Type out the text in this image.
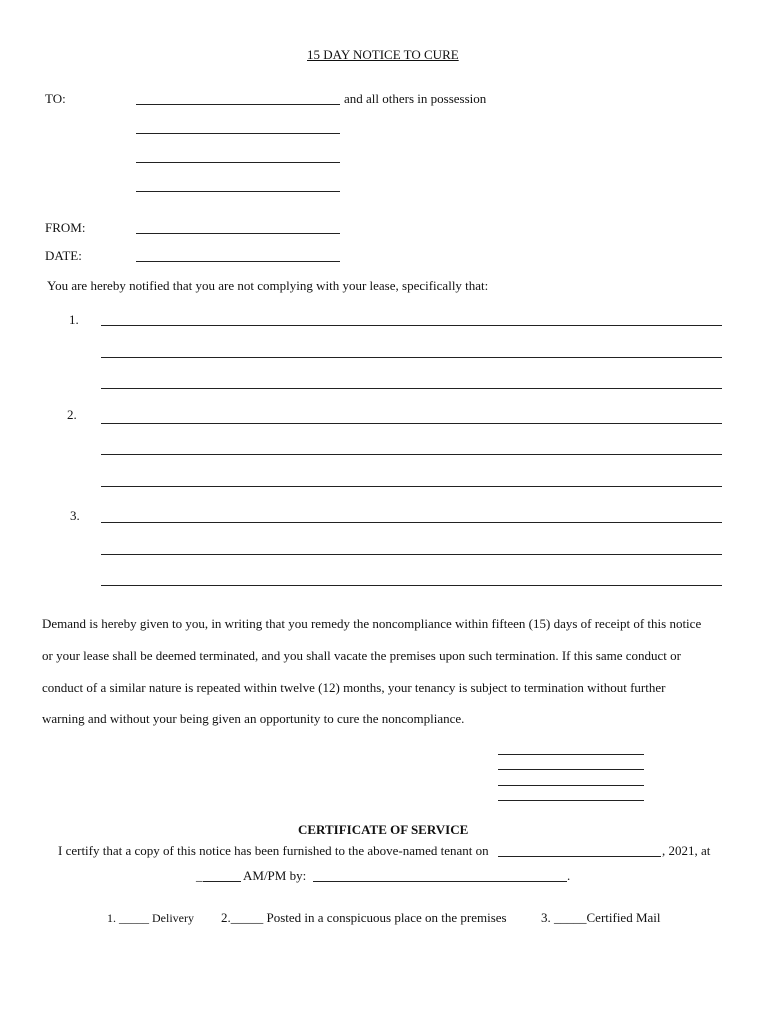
15 DAY NOTICE TO CURE
TO:	and all others in possession
FROM:
DATE:
You are hereby notified that you are not complying with your lease, specifically that:
1.
2.
3.
Demand is hereby given to you, in writing that you remedy the noncompliance within fifteen (15) days of receipt of this notice
or your lease shall be deemed terminated, and you shall vacate the premises upon such termination. If this same conduct or
conduct of a similar nature is repeated within twelve (12) months, your tenancy is subject to termination without further
warning and without your being given an opportunity to cure the noncompliance.
CERTIFICATE OF SERVICE
I certify that a copy of this notice has been furnished to the above-named tenant on	, 2021, at
_	AM/PM by:	.
1. _____ Delivery 2._____ Posted in a conspicuous place on the premises	3. _____Certified Mail
